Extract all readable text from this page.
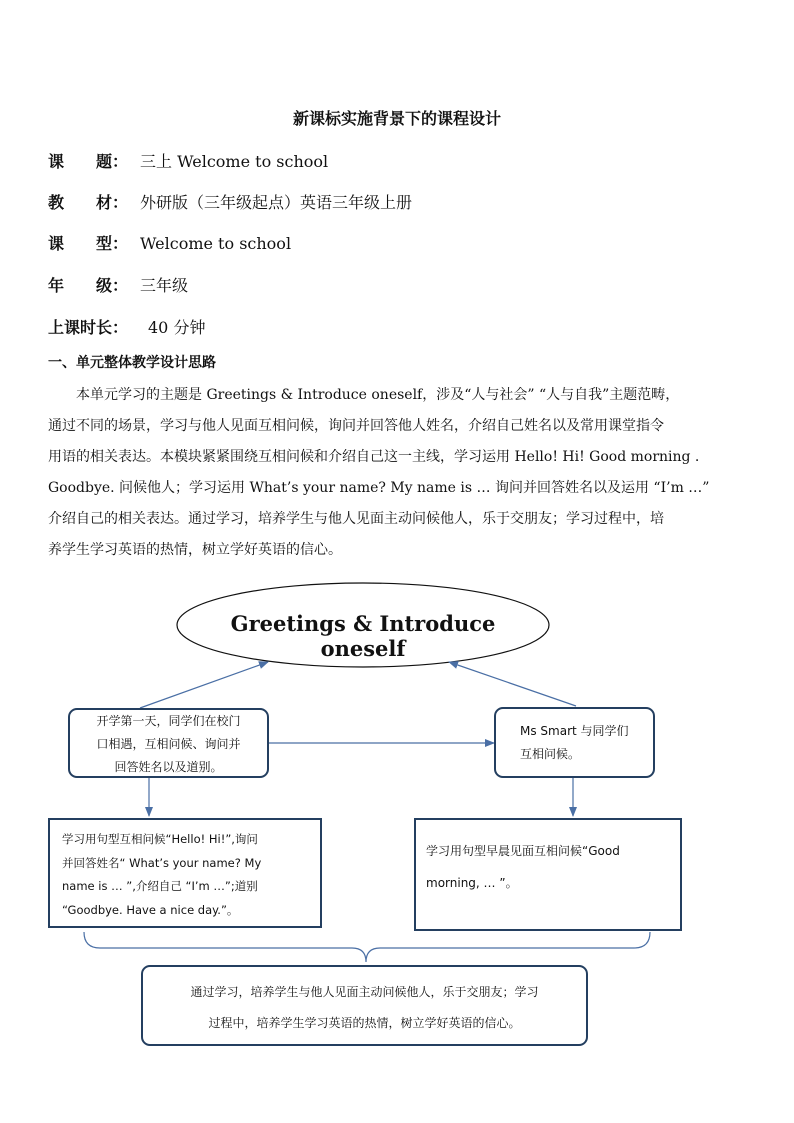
新课标实施背景下的课程设计
课　　题： 三上 Welcome to school
教　　材： 外研版（三年级起点）英语三年级上册
课　　型：Welcome to school
年　　级： 三年级
上课时长：40 分钟
一、单元整体教学设计思路
　　本单元学习的主题是 Greetings & Introduce oneself，涉及“人与社会” “人与自我”主题范畴，
通过不同的场景，学习与他人见面互相问候，询问并回答他人姓名，介绍自己姓名以及常用课堂指令
用语的相关表达。本模块紧紧围绕互相问候和介绍自己这一主线，学习运用 Hello! Hi! Good morning .
Goodbye. 问候他人；学习运用 What’s your name? My name is … 询问并回答姓名以及运用 “I’m …”
介绍自己的相关表达。通过学习，培养学生与他人见面主动问候他人，乐于交朋友；学习过程中，培
养学生学习英语的热情，树立学好英语的信心。
Greetings & Introduce oneself
开学第一天，同学们在校门
口相遇，互相问候、询问并
回答姓名以及道别。
Ms Smart 与同学们
互相问候。
学习用句型互相问候“Hello! Hi!”,询问
并回答姓名“ What’s your name? My
name is … ”,介绍自己 “I’m …”;道别
“Goodbye. Have a nice day.”。
学习用句型早晨见面互相问候“Good
morning, … ”。
通过学习，培养学生与他人见面主动问候他人，乐于交朋友；学习
过程中，培养学生学习英语的热情，树立学好英语的信心。
